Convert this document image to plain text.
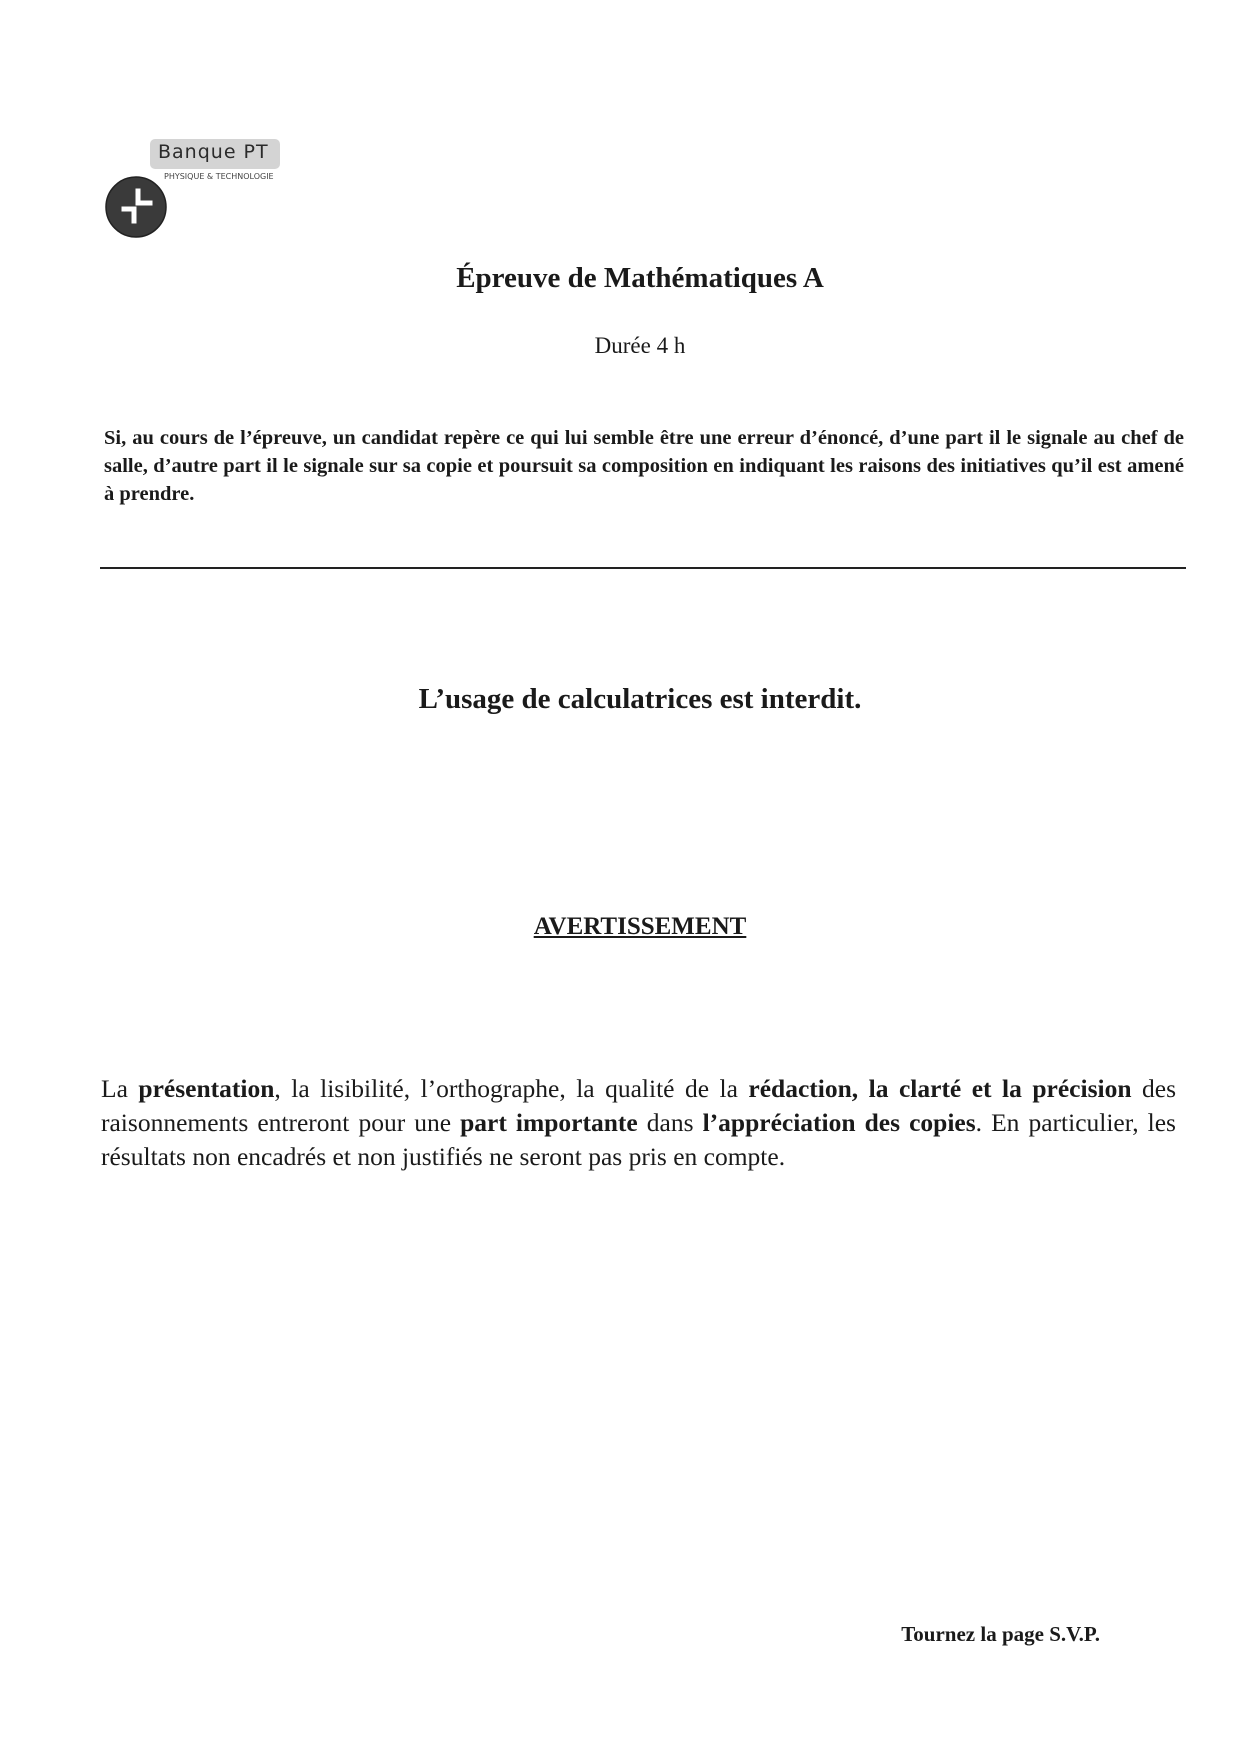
Banque PT
PHYSIQUE & TECHNOLOGIE
Épreuve de Mathématiques A

Durée 4 h

Si, au cours de l’épreuve, un candidat repère ce qui lui semble être une erreur d’énoncé, d’une part il le signale au chef de salle, d’autre part il le signale sur sa copie et poursuit sa composition en indiquant les raisons des initiatives qu’il est amené à prendre.

L’usage de calculatrices est interdit.

AVERTISSEMENT

La présentation, la lisibilité, l’orthographe, la qualité de la rédaction, la clarté et la précision des raisonnements entreront pour une part importante dans l’appréciation des copies. En particulier, les résultats non encadrés et non justifiés ne seront pas pris en compte.

Tournez la page S.V.P.
